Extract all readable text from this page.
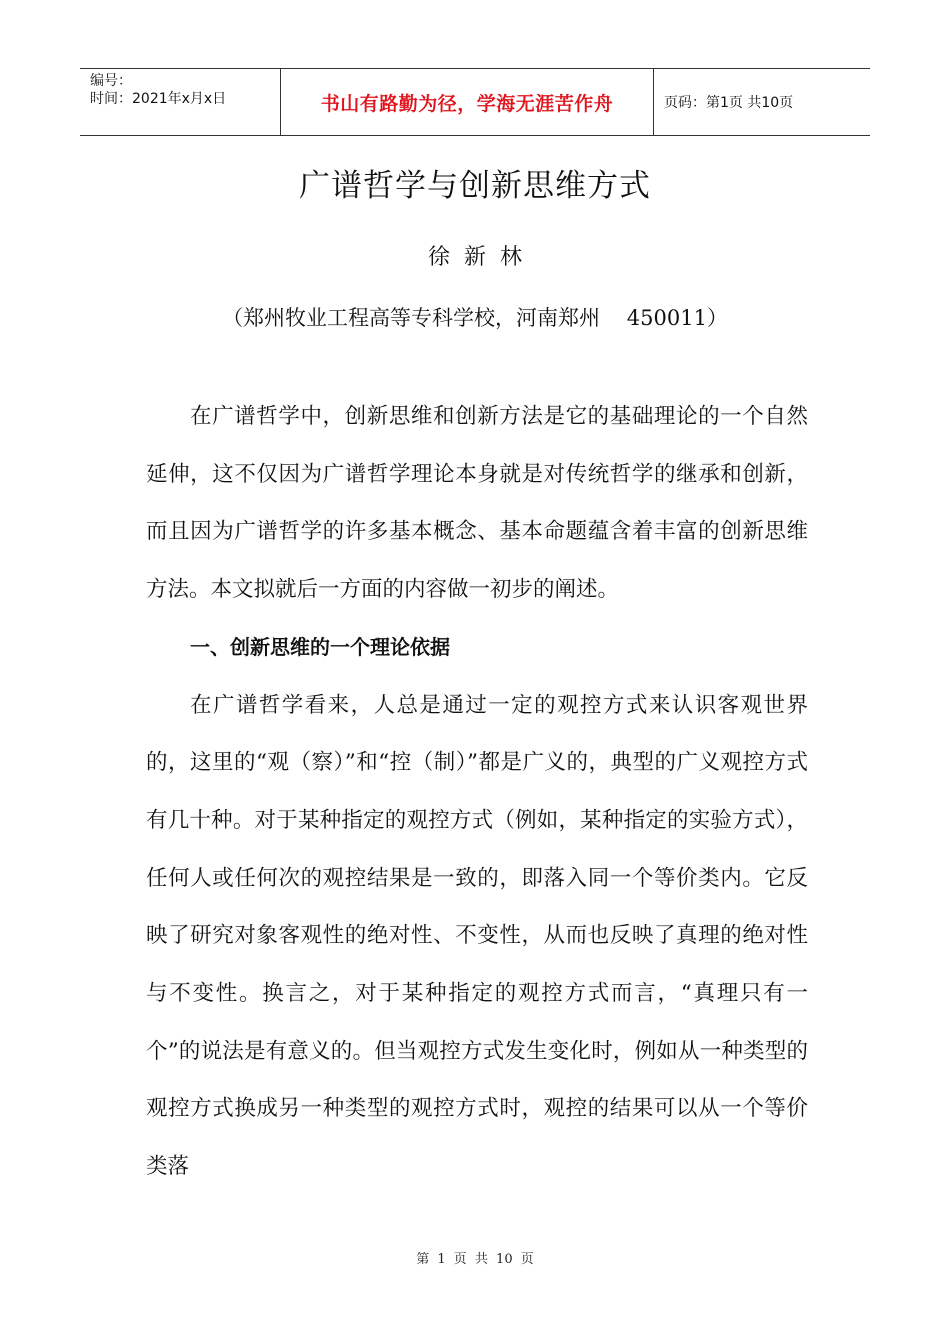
编号：
时间：2021年x月x日	书山有路勤为径，学海无涯苦作舟	页码：第1页 共10页
广谱哲学与创新思维方式
徐新林
（郑州牧业工程高等专科学校，河南郑州    450011）

在广谱哲学中，创新思维和创新方法是它的基础理论的一个自然延伸，这不仅因为广谱哲学理论本身就是对传统哲学的继承和创新，而且因为广谱哲学的许多基本概念、基本命题蕴含着丰富的创新思维方法。本文拟就后一方面的内容做一初步的阐述。

一、创新思维的一个理论依据

在广谱哲学看来，人总是通过一定的观控方式来认识客观世界的，这里的“观（察）”和“控（制）”都是广义的，典型的广义观控方式有几十种。对于某种指定的观控方式（例如，某种指定的实验方式），任何人或任何次的观控结果是一致的，即落入同一个等价类内。它反映了研究对象客观性的绝对性、不变性，从而也反映了真理的绝对性与不变性。换言之，对于某种指定的观控方式而言，“真理只有一个”的说法是有意义的。但当观控方式发生变化时，例如从一种类型的观控方式换成另一种类型的观控方式时，观控的结果可以从一个等价类落

第 1 页 共 10 页
